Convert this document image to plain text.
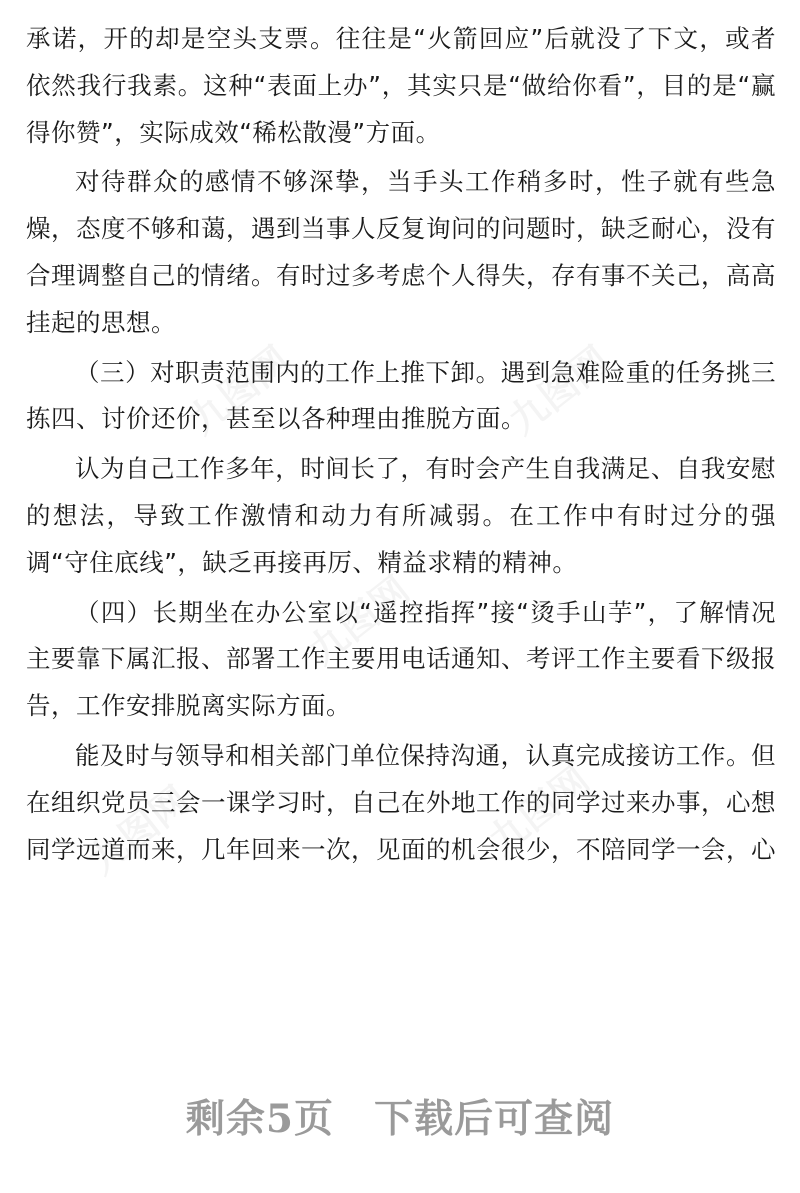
九图网	九图网
九图网
九图网	九图网

承诺，开的却是空头支票。往往是“火箭回应”后就没了下文，或者依然我行我素。这种“表面上办”，其实只是“做给你看”，目的是“赢得你赞”，实际成效“稀松散漫”方面。

对待群众的感情不够深挚，当手头工作稍多时，性子就有些急燥，态度不够和蔼，遇到当事人反复询问的问题时，缺乏耐心，没有合理调整自己的情绪。有时过多考虑个人得失，存有事不关己，高高挂起的思想。

（三）对职责范围内的工作上推下卸。遇到急难险重的任务挑三拣四、讨价还价，甚至以各种理由推脱方面。

认为自己工作多年，时间长了，有时会产生自我满足、自我安慰的想法，导致工作激情和动力有所减弱。在工作中有时过分的强调“守住底线”，缺乏再接再厉、精益求精的精神。

（四）长期坐在办公室以“遥控指挥”接“烫手山芋”，了解情况主要靠下属汇报、部署工作主要用电话通知、考评工作主要看下级报告，工作安排脱离实际方面。

能及时与领导和相关部门单位保持沟通，认真完成接访工作。但在组织党员三会一课学习时，自己在外地工作的同学过来办事，心想同学远道而来，几年回来一次，见面的机会很少，不陪同学一会，心

剩余5页 下载后可查阅
